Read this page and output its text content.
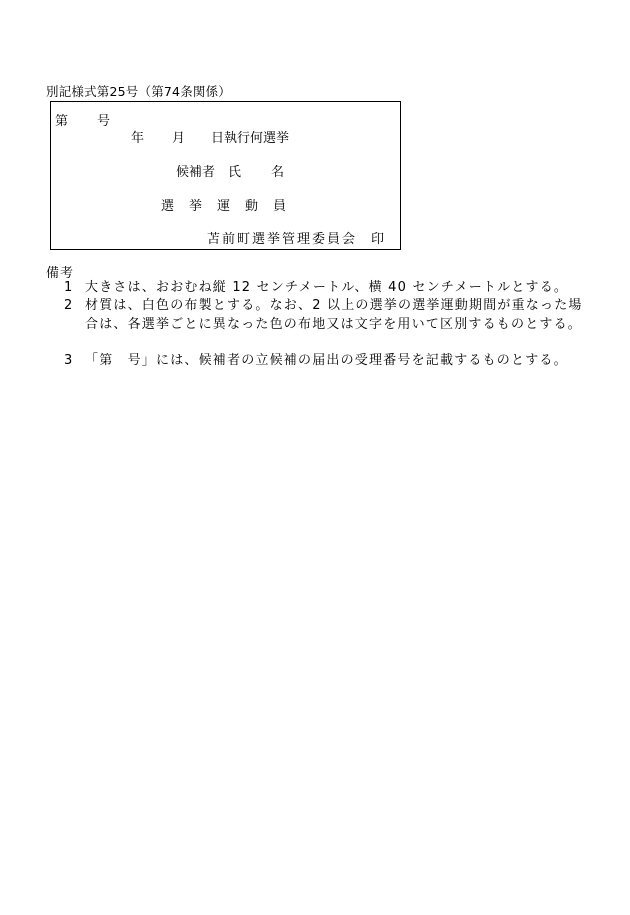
別記様式第25号（第74条関係）
第号
年 月 日執行何選挙
候補者 氏 名
選挙運動員
苫前町選挙管理委員会 印
備考
1 大きさは、おおむね縦 12 センチメートル、横 40 センチメートルとする。
2 材質は、白色の布製とする。なお、2 以上の選挙の選挙運動期間が重なった場合は、各選挙ごとに異なった色の布地又は文字を用いて区別するものとする。
3 「第　号」には、候補者の立候補の届出の受理番号を記載するものとする。
